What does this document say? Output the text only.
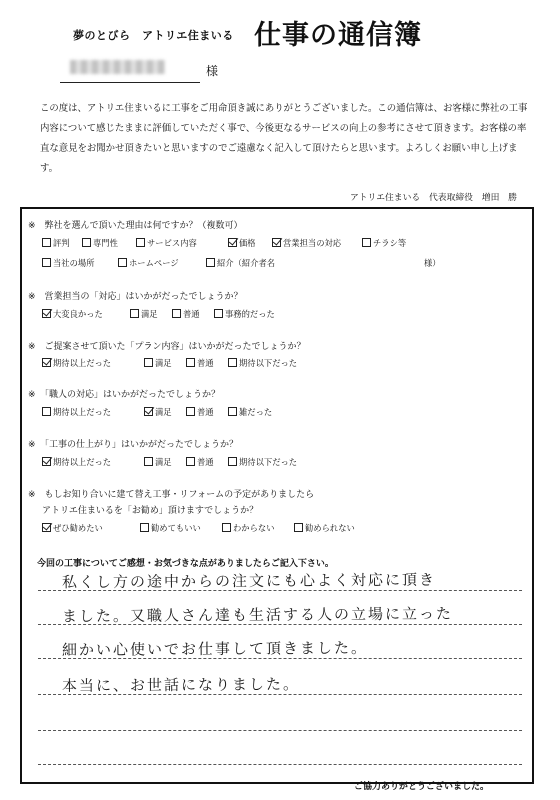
夢のとびら　アトリエ住まいる 仕事の通信簿
様
この度は、アトリエ住まいるに工事をご用命頂き誠にありがとうございました。この通信簿は、お客様に弊社の工事内容について感じたままに評価していただく事で、今後更なるサービスの向上の参考にさせて頂きます。お客様の率直な意見をお聞かせ頂きたいと思いますのでご遠慮なく記入して頂けたらと思います。よろしくお願い申し上げます。
アトリエ住まいる　代表取締役　増田　勝
※　弊社を選んで頂いた理由は何ですか？（複数可）
評判	専門性	サービス内容	価格	営業担当の対応	チラシ等
当社の場所	ホームページ	紹介（紹介者名	様）
※　営業担当の「対応」はいかがだったでしょうか？
大変良かった	満足	普通	事務的だった
※　ご提案させて頂いた「プラン内容」はいかがだったでしょうか？
期待以上だった	満足	普通	期待以下だった
※　「職人の対応」はいかがだったでしょうか？
期待以上だった	満足	普通	雑だった
※　「工事の仕上がり」はいかがだったでしょうか？
期待以上だった	満足	普通	期待以下だった
※　もしお知り合いに建て替え工事・リフォームの予定がありましたら
アトリエ住まいるを「お勧め」頂けますでしょうか？
ぜひ勧めたい	勧めてもいい	わからない	勧められない
今回の工事についてご感想・お気づきな点がありましたらご記入下さい。
私くし方の途中からの注文にも心よく対応に頂き
ました。又職人さん達も生活する人の立場に立った
細かい心使いでお仕事して頂きました。
本当に、お世話になりました。
ご協力ありがとうございました。
